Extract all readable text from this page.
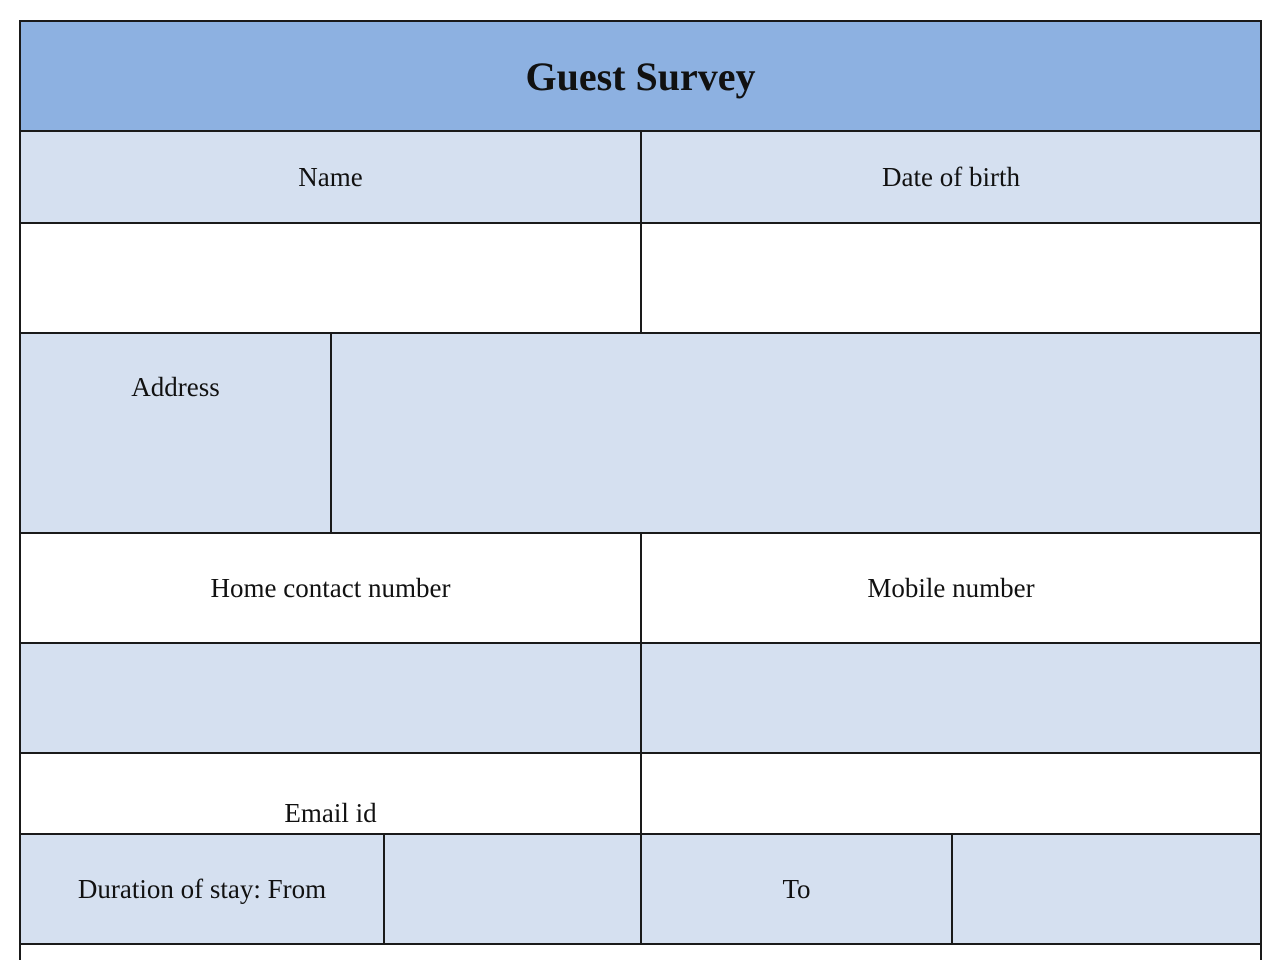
Guest Survey
Name	Date of birth
Address
Home contact number	Mobile number
Email id
Duration of stay: From	To
